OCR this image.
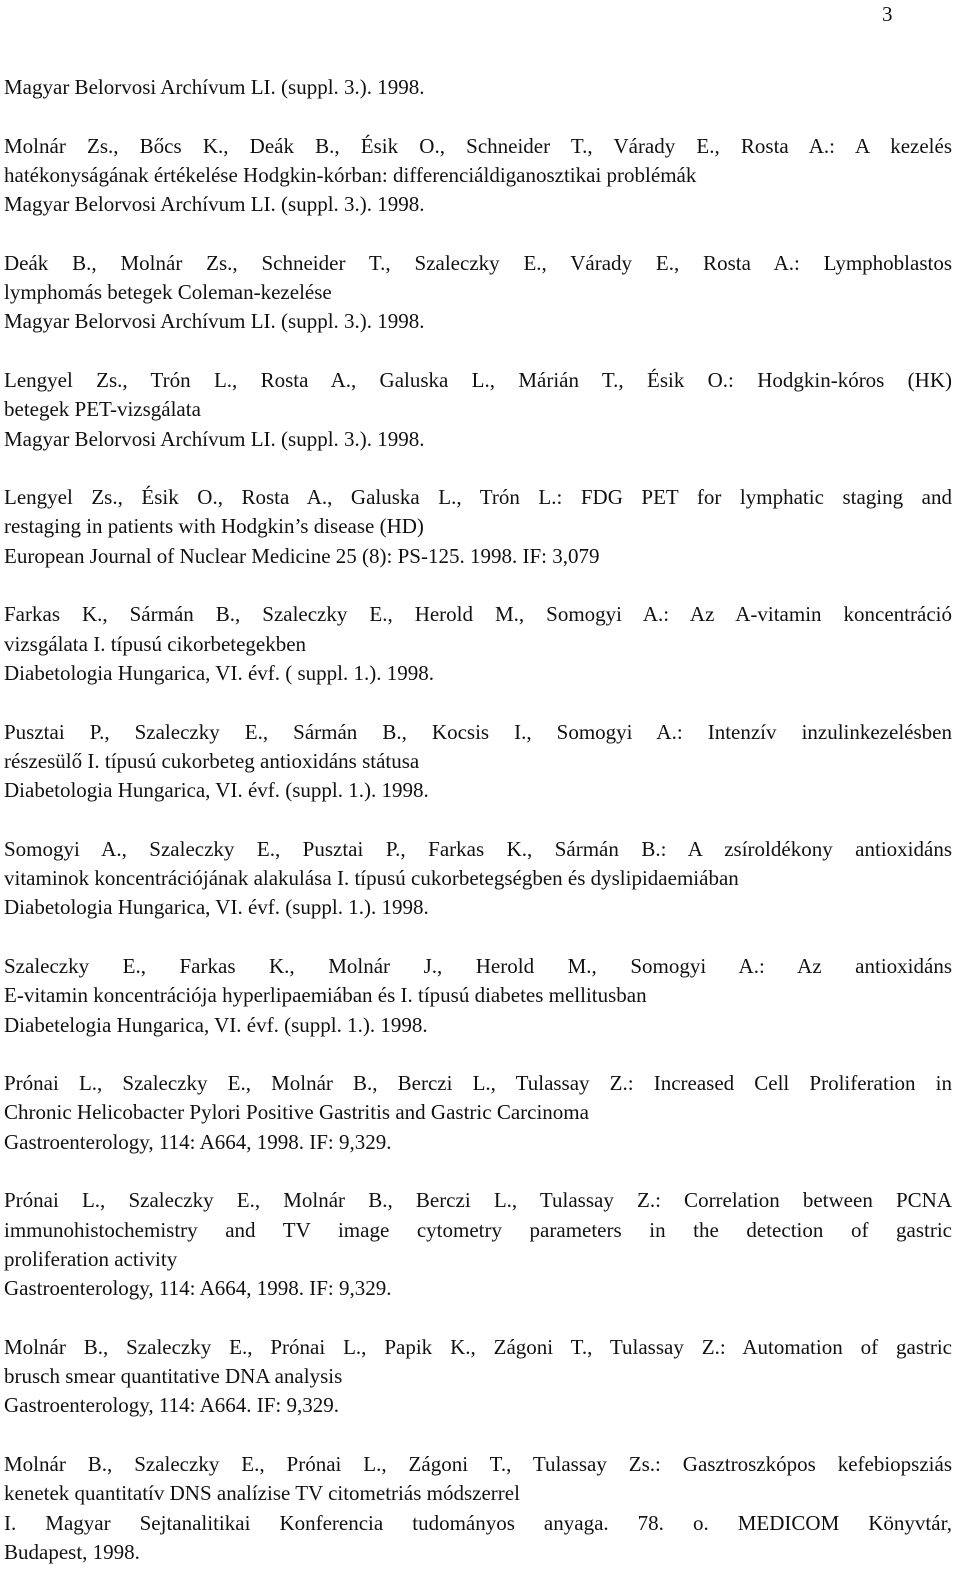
3
Magyar Belorvosi Archívum LI. (suppl. 3.). 1998.
Molnár Zs., Bőcs K., Deák B., Ésik O., Schneider T., Várady E., Rosta A.: A kezelés
hatékonyságának értékelése Hodgkin-kórban: differenciáldiganosztikai problémák
Magyar Belorvosi Archívum LI. (suppl. 3.). 1998.
Deák B., Molnár Zs., Schneider T., Szaleczky E., Várady E., Rosta A.: Lymphoblastos
lymphomás betegek Coleman-kezelése
Magyar Belorvosi Archívum LI. (suppl. 3.). 1998.
Lengyel Zs., Trón L., Rosta A., Galuska L., Márián T., Ésik O.: Hodgkin-kóros (HK)
betegek PET-vizsgálata
Magyar Belorvosi Archívum LI. (suppl. 3.). 1998.
Lengyel Zs., Ésik O., Rosta A., Galuska L., Trón L.: FDG PET for lymphatic staging and
restaging in patients with Hodgkin’s disease (HD)
European Journal of Nuclear Medicine 25 (8): PS-125. 1998. IF: 3,079
Farkas K., Sármán B., Szaleczky E., Herold M., Somogyi A.: Az A-vitamin koncentráció
vizsgálata I. típusú cikorbetegekben
Diabetologia Hungarica, VI. évf. ( suppl. 1.). 1998.
Pusztai P., Szaleczky E., Sármán B., Kocsis I., Somogyi A.: Intenzív inzulinkezelésben
részesülő I. típusú cukorbeteg antioxidáns státusa
Diabetologia Hungarica, VI. évf. (suppl. 1.). 1998.
Somogyi A., Szaleczky E., Pusztai P., Farkas K., Sármán B.: A zsíroldékony antioxidáns
vitaminok koncentrációjának alakulása I. típusú cukorbetegségben és dyslipidaemiában
Diabetologia Hungarica, VI. évf. (suppl. 1.). 1998.
Szaleczky E., Farkas K., Molnár J., Herold M., Somogyi A.: Az antioxidáns
E-vitamin koncentrációja hyperlipaemiában és I. típusú diabetes mellitusban
Diabetelogia Hungarica, VI. évf. (suppl. 1.). 1998.
Prónai L., Szaleczky E., Molnár B., Berczi L., Tulassay Z.: Increased Cell Proliferation in
Chronic Helicobacter Pylori Positive Gastritis and Gastric Carcinoma
Gastroenterology, 114: A664, 1998. IF: 9,329.
Prónai L., Szaleczky E., Molnár B., Berczi L., Tulassay Z.: Correlation between PCNA
immunohistochemistry and TV image cytometry parameters in the detection of gastric
proliferation activity
Gastroenterology, 114: A664, 1998. IF: 9,329.
Molnár B., Szaleczky E., Prónai L., Papik K., Zágoni T., Tulassay Z.: Automation of gastric
brusch smear quantitative DNA analysis
Gastroenterology, 114: A664. IF: 9,329.
Molnár B., Szaleczky E., Prónai L., Zágoni T., Tulassay Zs.: Gasztroszkópos kefebiopsziás
kenetek quantitatív DNS analízise TV citometriás módszerrel
I. Magyar Sejtanalitikai Konferencia tudományos anyaga. 78. o. MEDICOM Könyvtár,
Budapest, 1998.
